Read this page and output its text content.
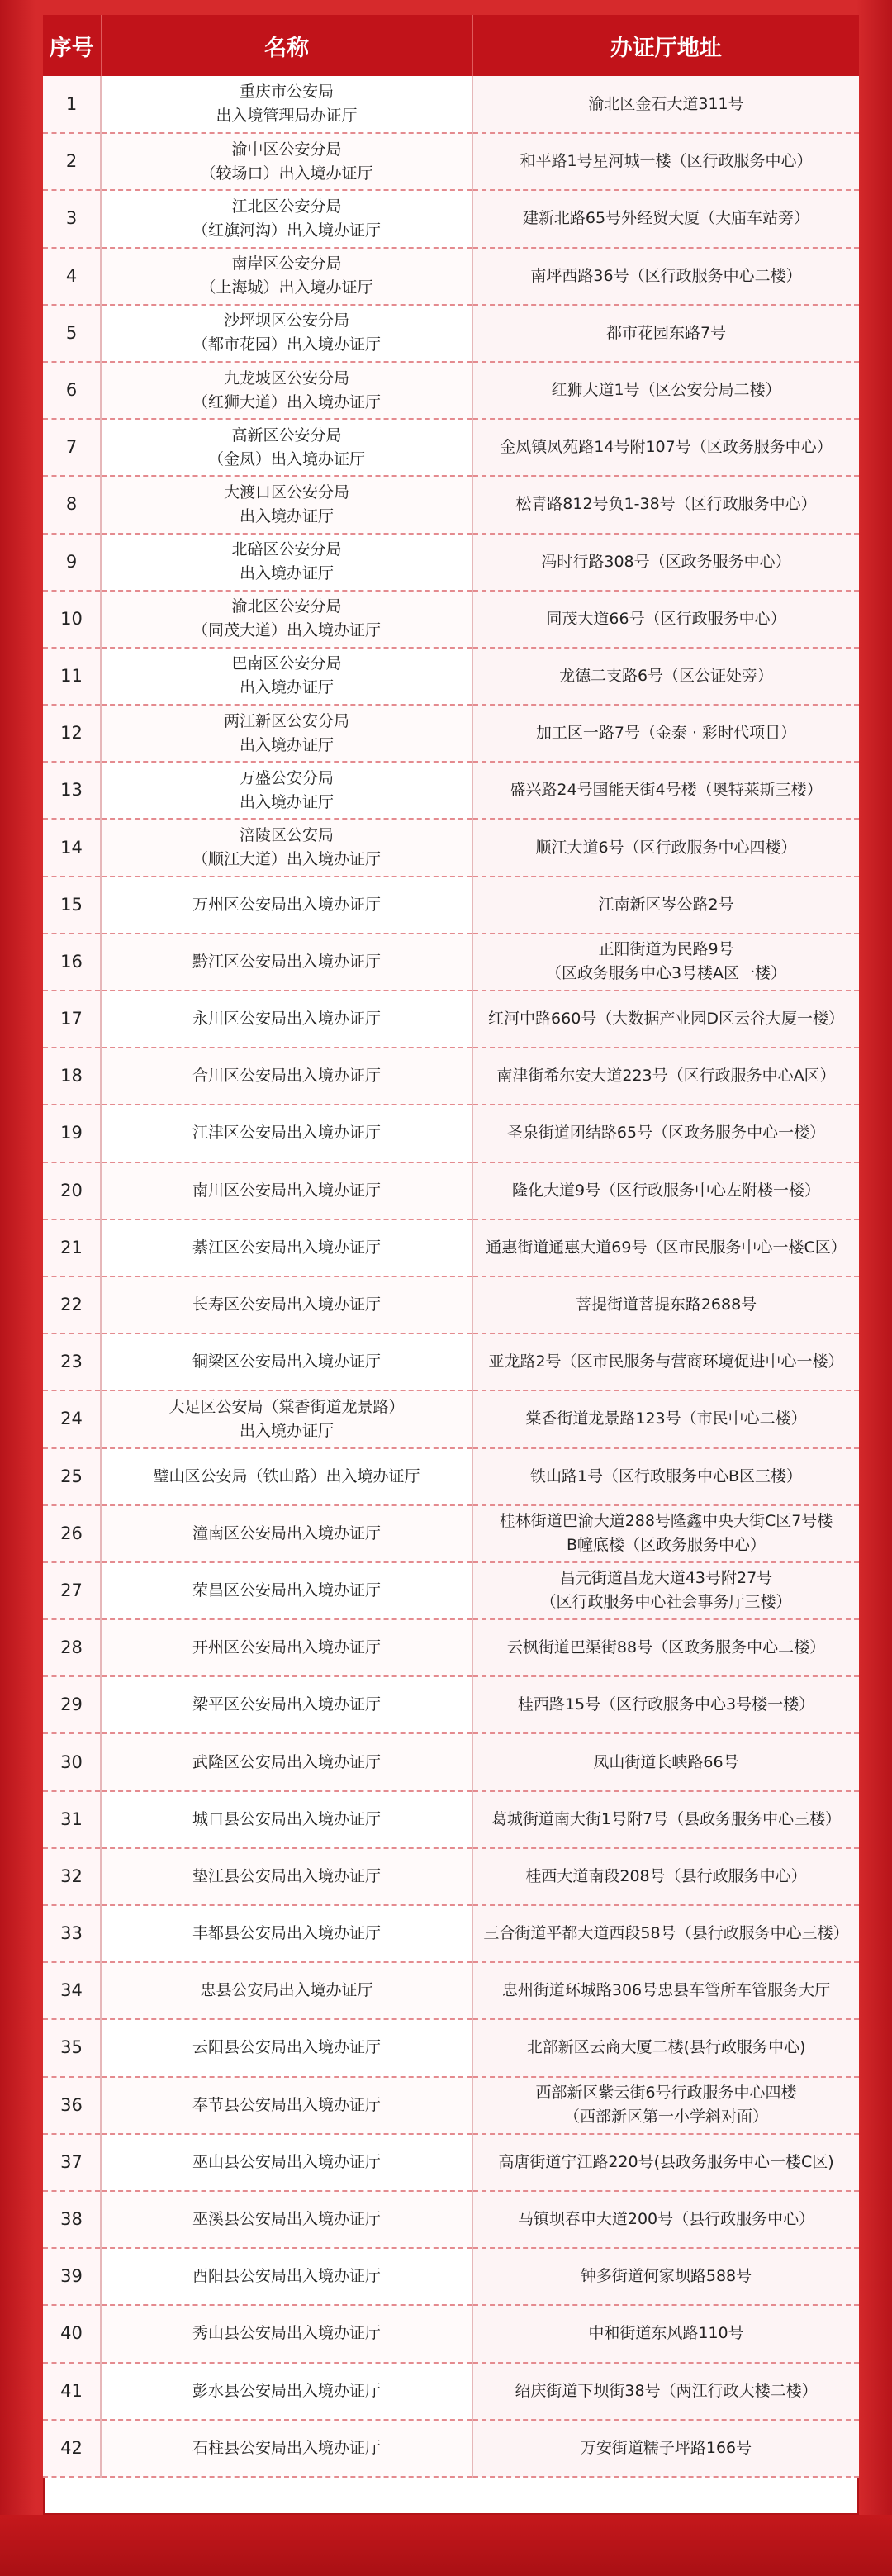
序号	名称	办证厅地址

1	重庆市公安局
出入境管理局办证厅	渝北区金石大道311号

2	渝中区公安分局
（较场口）出入境办证厅	和平路1号星河城一楼（区行政服务中心）

3	江北区公安分局
（红旗河沟）出入境办证厅	建新北路65号外经贸大厦（大庙车站旁）

4	南岸区公安分局
（上海城）出入境办证厅	南坪西路36号（区行政服务中心二楼）

5	沙坪坝区公安分局
（都市花园）出入境办证厅	都市花园东路7号

6	九龙坡区公安分局
（红狮大道）出入境办证厅	红狮大道1号（区公安分局二楼）

7	高新区公安分局
（金凤）出入境办证厅	金凤镇凤苑路14号附107号（区政务服务中心）

8	大渡口区公安分局
出入境办证厅	松青路812号负1-38号（区行政服务中心）

9	北碚区公安分局
出入境办证厅	冯时行路308号（区政务服务中心）

10	渝北区公安分局
（同茂大道）出入境办证厅	同茂大道66号（区行政服务中心）

11	巴南区公安分局
出入境办证厅	龙德二支路6号（区公证处旁）

12	两江新区公安分局
出入境办证厅	加工区一路7号（金泰 · 彩时代项目）

13	万盛公安分局
出入境办证厅	盛兴路24号国能天街4号楼（奥特莱斯三楼）

14	涪陵区公安局
（顺江大道）出入境办证厅	顺江大道6号（区行政服务中心四楼）

15	万州区公安局出入境办证厅	江南新区岑公路2号

16	黔江区公安局出入境办证厅	正阳街道为民路9号
（区政务服务中心3号楼A区一楼）

17	永川区公安局出入境办证厅	红河中路660号（大数据产业园D区云谷大厦一楼）

18	合川区公安局出入境办证厅	南津街希尔安大道223号（区行政服务中心A区）

19	江津区公安局出入境办证厅	圣泉街道团结路65号（区政务服务中心一楼）

20	南川区公安局出入境办证厅	隆化大道9号（区行政服务中心左附楼一楼）

21	綦江区公安局出入境办证厅	通惠街道通惠大道69号（区市民服务中心一楼C区）

22	长寿区公安局出入境办证厅	菩提街道菩提东路2688号

23	铜梁区公安局出入境办证厅	亚龙路2号（区市民服务与营商环境促进中心一楼）

24	大足区公安局（棠香街道龙景路）
出入境办证厅	棠香街道龙景路123号（市民中心二楼）

25	璧山区公安局（铁山路）出入境办证厅	铁山路1号（区行政服务中心B区三楼）

26	潼南区公安局出入境办证厅	桂林街道巴渝大道288号隆鑫中央大街C区7号楼
B幢底楼（区政务服务中心）

27	荣昌区公安局出入境办证厅	昌元街道昌龙大道43号附27号
（区行政服务中心社会事务厅三楼）

28	开州区公安局出入境办证厅	云枫街道巴渠街88号（区政务服务中心二楼）

29	梁平区公安局出入境办证厅	桂西路15号（区行政服务中心3号楼一楼）

30	武隆区公安局出入境办证厅	凤山街道长峡路66号

31	城口县公安局出入境办证厅	葛城街道南大街1号附7号（县政务服务中心三楼）

32	垫江县公安局出入境办证厅	桂西大道南段208号（县行政服务中心）

33	丰都县公安局出入境办证厅	三合街道平都大道西段58号（县行政服务中心三楼）

34	忠县公安局出入境办证厅	忠州街道环城路306号忠县车管所车管服务大厅

35	云阳县公安局出入境办证厅	北部新区云商大厦二楼(县行政服务中心)

36	奉节县公安局出入境办证厅	西部新区紫云街6号行政服务中心四楼
（西部新区第一小学斜对面）

37	巫山县公安局出入境办证厅	高唐街道宁江路220号(县政务服务中心一楼C区)

38	巫溪县公安局出入境办证厅	马镇坝春申大道200号（县行政服务中心）

39	酉阳县公安局出入境办证厅	钟多街道何家坝路588号

40	秀山县公安局出入境办证厅	中和街道东风路110号

41	彭水县公安局出入境办证厅	绍庆街道下坝街38号（两江行政大楼二楼）

42	石柱县公安局出入境办证厅	万安街道糯子坪路166号
